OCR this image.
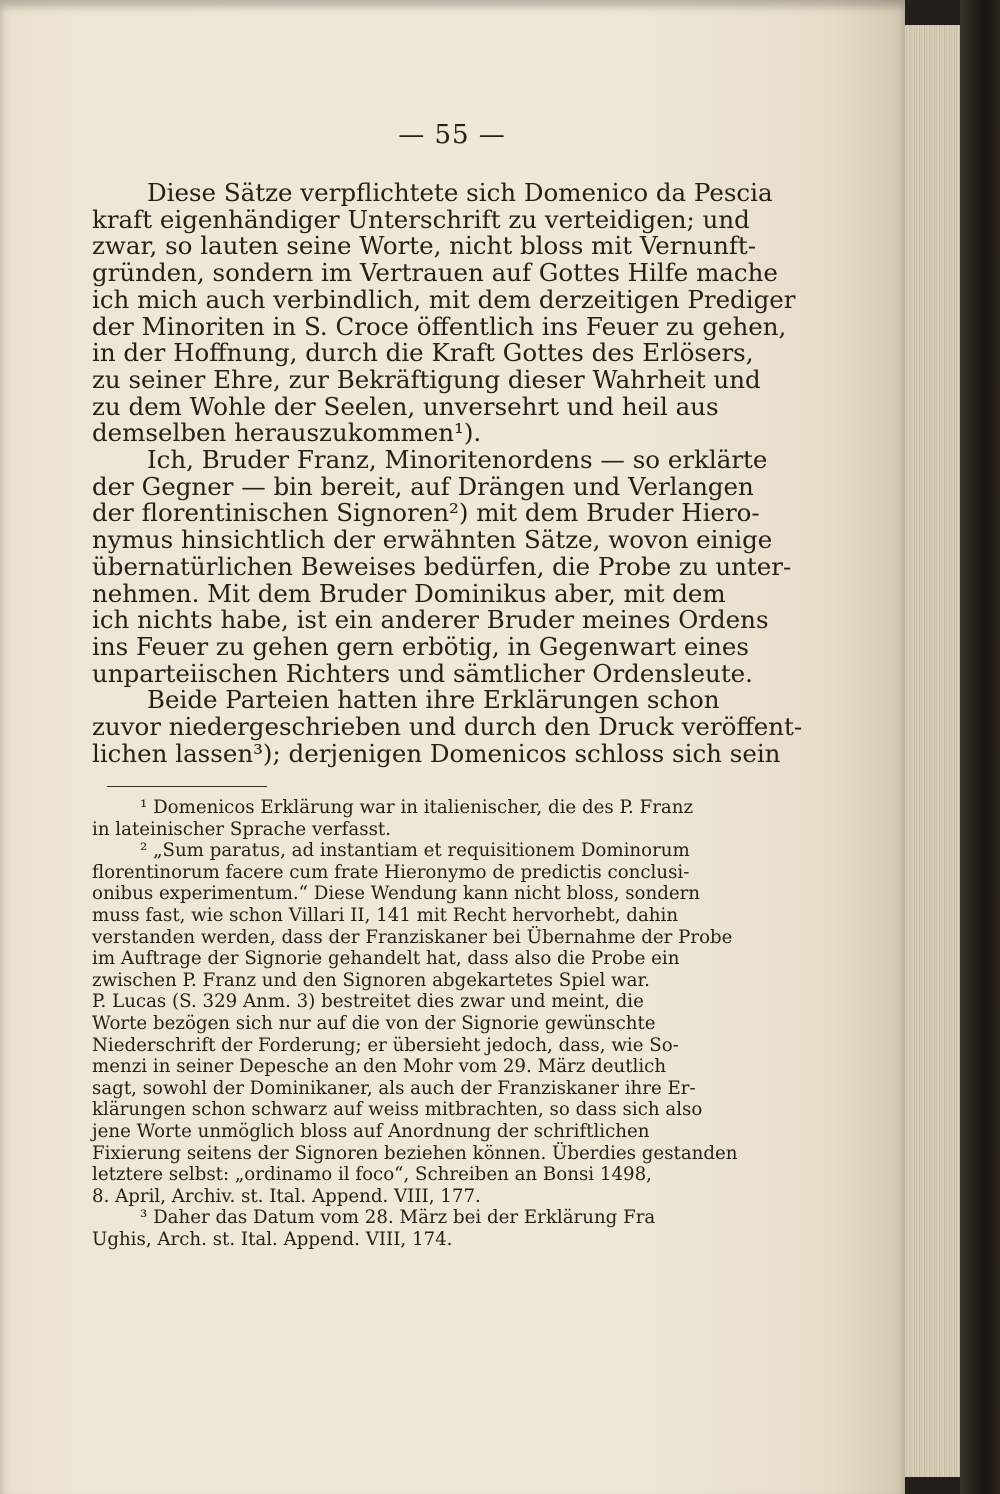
— 55 —
Diese Sätze verpflichtete sich Domenico da Pescia
kraft eigenhändiger Unterschrift zu verteidigen; und
zwar, so lauten seine Worte, nicht bloss mit Vernunft-
gründen, sondern im Vertrauen auf Gottes Hilfe mache
ich mich auch verbindlich, mit dem derzeitigen Prediger
der Minoriten in S. Croce öffentlich ins Feuer zu gehen,
in der Hoffnung, durch die Kraft Gottes des Erlösers,
zu seiner Ehre, zur Bekräftigung dieser Wahrheit und
zu dem Wohle der Seelen, unversehrt und heil aus
demselben herauszukommen¹).
Ich, Bruder Franz, Minoritenordens — so erklärte
der Gegner — bin bereit, auf Drängen und Verlangen
der florentinischen Signoren²) mit dem Bruder Hiero-
nymus hinsichtlich der erwähnten Sätze, wovon einige
übernatürlichen Beweises bedürfen, die Probe zu unter-
nehmen. Mit dem Bruder Dominikus aber, mit dem
ich nichts habe, ist ein anderer Bruder meines Ordens
ins Feuer zu gehen gern erbötig, in Gegenwart eines
unparteiischen Richters und sämtlicher Ordensleute.
Beide Parteien hatten ihre Erklärungen schon
zuvor niedergeschrieben und durch den Druck veröffent-
lichen lassen³); derjenigen Domenicos schloss sich sein
¹ Domenicos Erklärung war in italienischer, die des P. Franz
in lateinischer Sprache verfasst.
² „Sum paratus, ad instantiam et requisitionem Dominorum
florentinorum facere cum frate Hieronymo de predictis conclusi-
onibus experimentum.“ Diese Wendung kann nicht bloss, sondern
muss fast, wie schon Villari II, 141 mit Recht hervorhebt, dahin
verstanden werden, dass der Franziskaner bei Übernahme der Probe
im Auftrage der Signorie gehandelt hat, dass also die Probe ein
zwischen P. Franz und den Signoren abgekartetes Spiel war.
P. Lucas (S. 329 Anm. 3) bestreitet dies zwar und meint, die
Worte bezögen sich nur auf die von der Signorie gewünschte
Niederschrift der Forderung; er übersieht jedoch, dass, wie So-
menzi in seiner Depesche an den Mohr vom 29. März deutlich
sagt, sowohl der Dominikaner, als auch der Franziskaner ihre Er-
klärungen schon schwarz auf weiss mitbrachten, so dass sich also
jene Worte unmöglich bloss auf Anordnung der schriftlichen
Fixierung seitens der Signoren beziehen können. Überdies gestanden
letztere selbst: „ordinamo il foco“, Schreiben an Bonsi 1498,
8. April, Archiv. st. Ital. Append. VIII, 177.
³ Daher das Datum vom 28. März bei der Erklärung Fra
Ughis, Arch. st. Ital. Append. VIII, 174.
